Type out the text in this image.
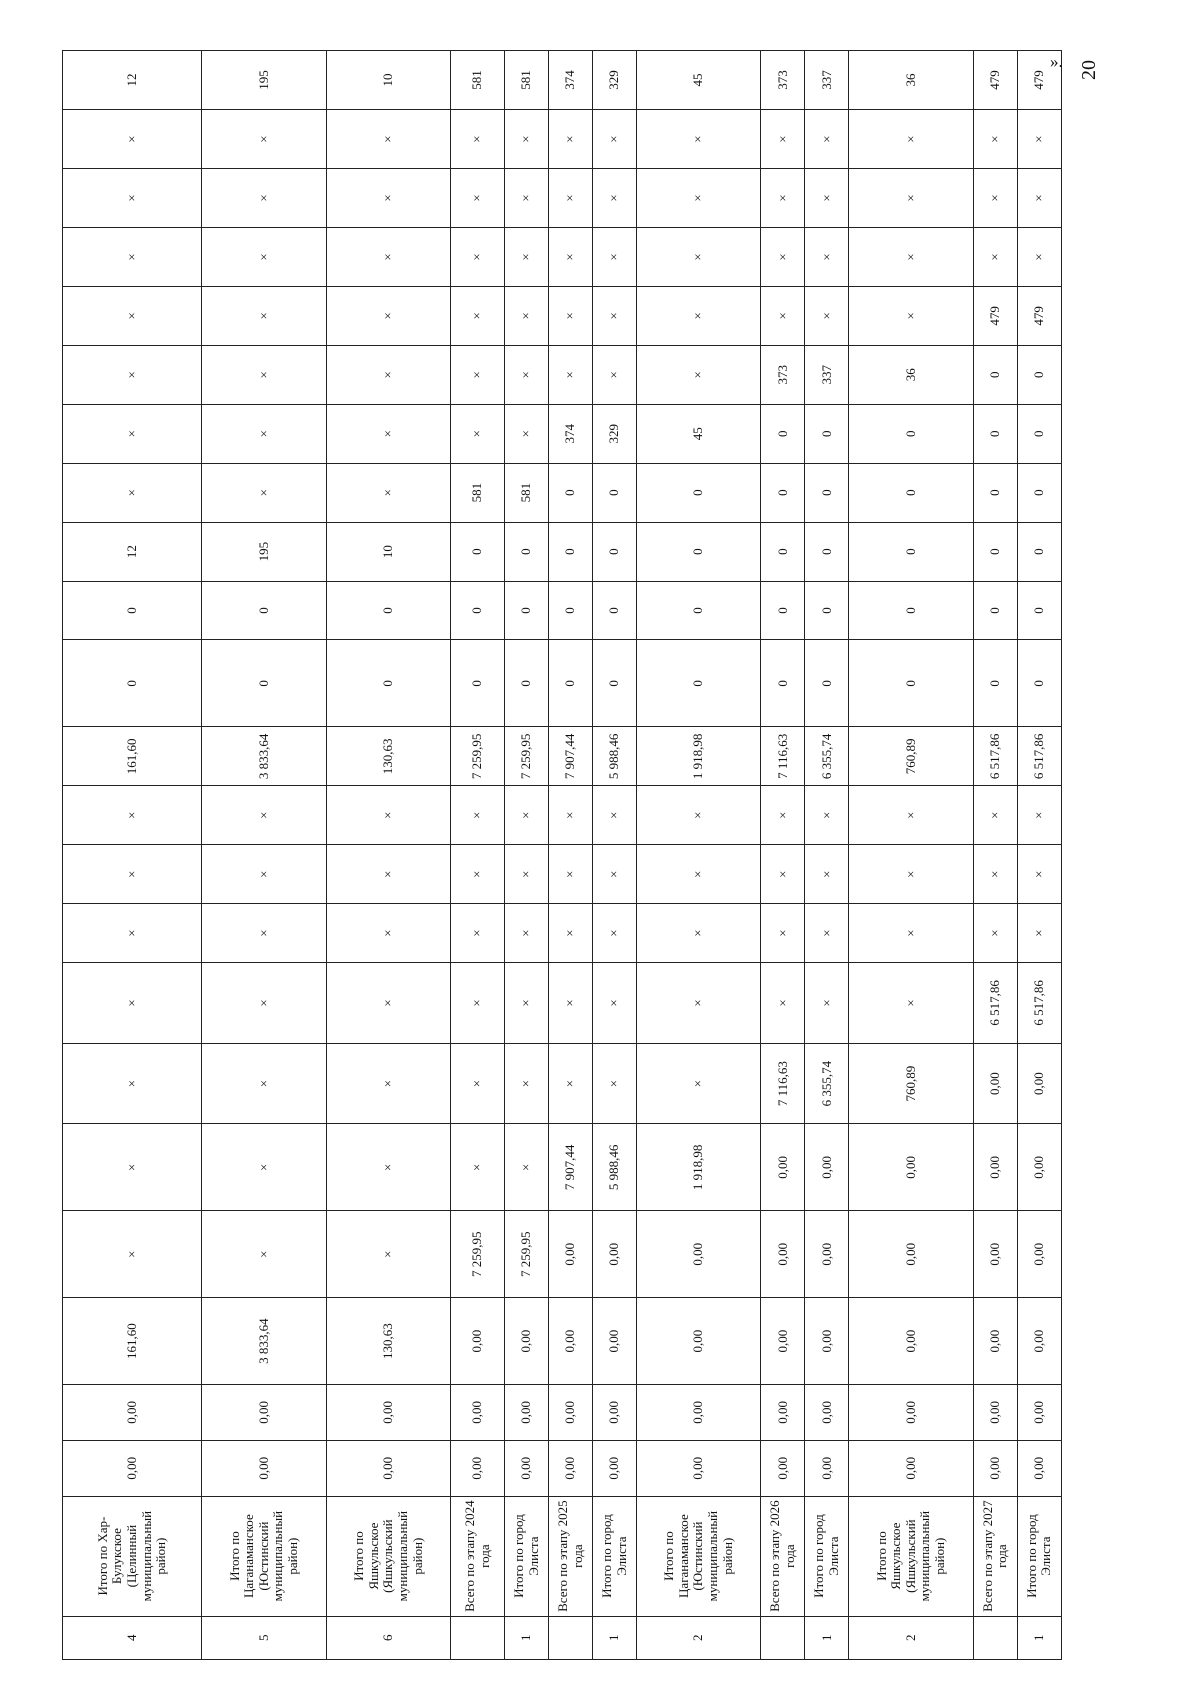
4	Итого по Хар-Булукское (Целинный муниципальный район)	0,00	0,00	161,60	×	×	×	×	×	×	×	161,60	0	0	12	×	×	×	×	×	×	×	12
5	Итого по Цаганаманское (Юстинский муниципальный район)	0,00	0,00	3 833,64	×	×	×	×	×	×	×	3 833,64	0	0	195	×	×	×	×	×	×	×	195
6	Итого по Яшкульское (Яшкульский муниципальный район)	0,00	0,00	130,63	×	×	×	×	×	×	×	130,63	0	0	10	×	×	×	×	×	×	×	10
	Всего по этапу 2024 года	0,00	0,00	0,00	7 259,95	×	×	×	×	×	×	7 259,95	0	0	0	581	×	×	×	×	×	×	581
1	Итого по город Элиста	0,00	0,00	0,00	7 259,95	×	×	×	×	×	×	7 259,95	0	0	0	581	×	×	×	×	×	×	581
	Всего по этапу 2025 года	0,00	0,00	0,00	0,00	7 907,44	×	×	×	×	×	7 907,44	0	0	0	0	374	×	×	×	×	×	374
1	Итого по город Элиста	0,00	0,00	0,00	0,00	5 988,46	×	×	×	×	×	5 988,46	0	0	0	0	329	×	×	×	×	×	329
2	Итого по Цаганаманское (Юстинский муниципальный район)	0,00	0,00	0,00	0,00	1 918,98	×	×	×	×	×	1 918,98	0	0	0	0	45	×	×	×	×	×	45
	Всего по этапу 2026 года	0,00	0,00	0,00	0,00	0,00	7 116,63	×	×	×	×	7 116,63	0	0	0	0	0	373	×	×	×	×	373
1	Итого по город Элиста	0,00	0,00	0,00	0,00	0,00	6 355,74	×	×	×	×	6 355,74	0	0	0	0	0	337	×	×	×	×	337
2	Итого по Яшкульское (Яшкульский муниципальный район)	0,00	0,00	0,00	0,00	0,00	760,89	×	×	×	×	760,89	0	0	0	0	0	36	×	×	×	×	36
	Всего по этапу 2027 года	0,00	0,00	0,00	0,00	0,00	0,00	6 517,86	×	×	×	6 517,86	0	0	0	0	0	0	479	×	×	×	479
1	Итого по город Элиста	0,00	0,00	0,00	0,00	0,00	0,00	6 517,86	×	×	×	6 517,86	0	0	0	0	0	0	479	×	×	×	479
». 20
